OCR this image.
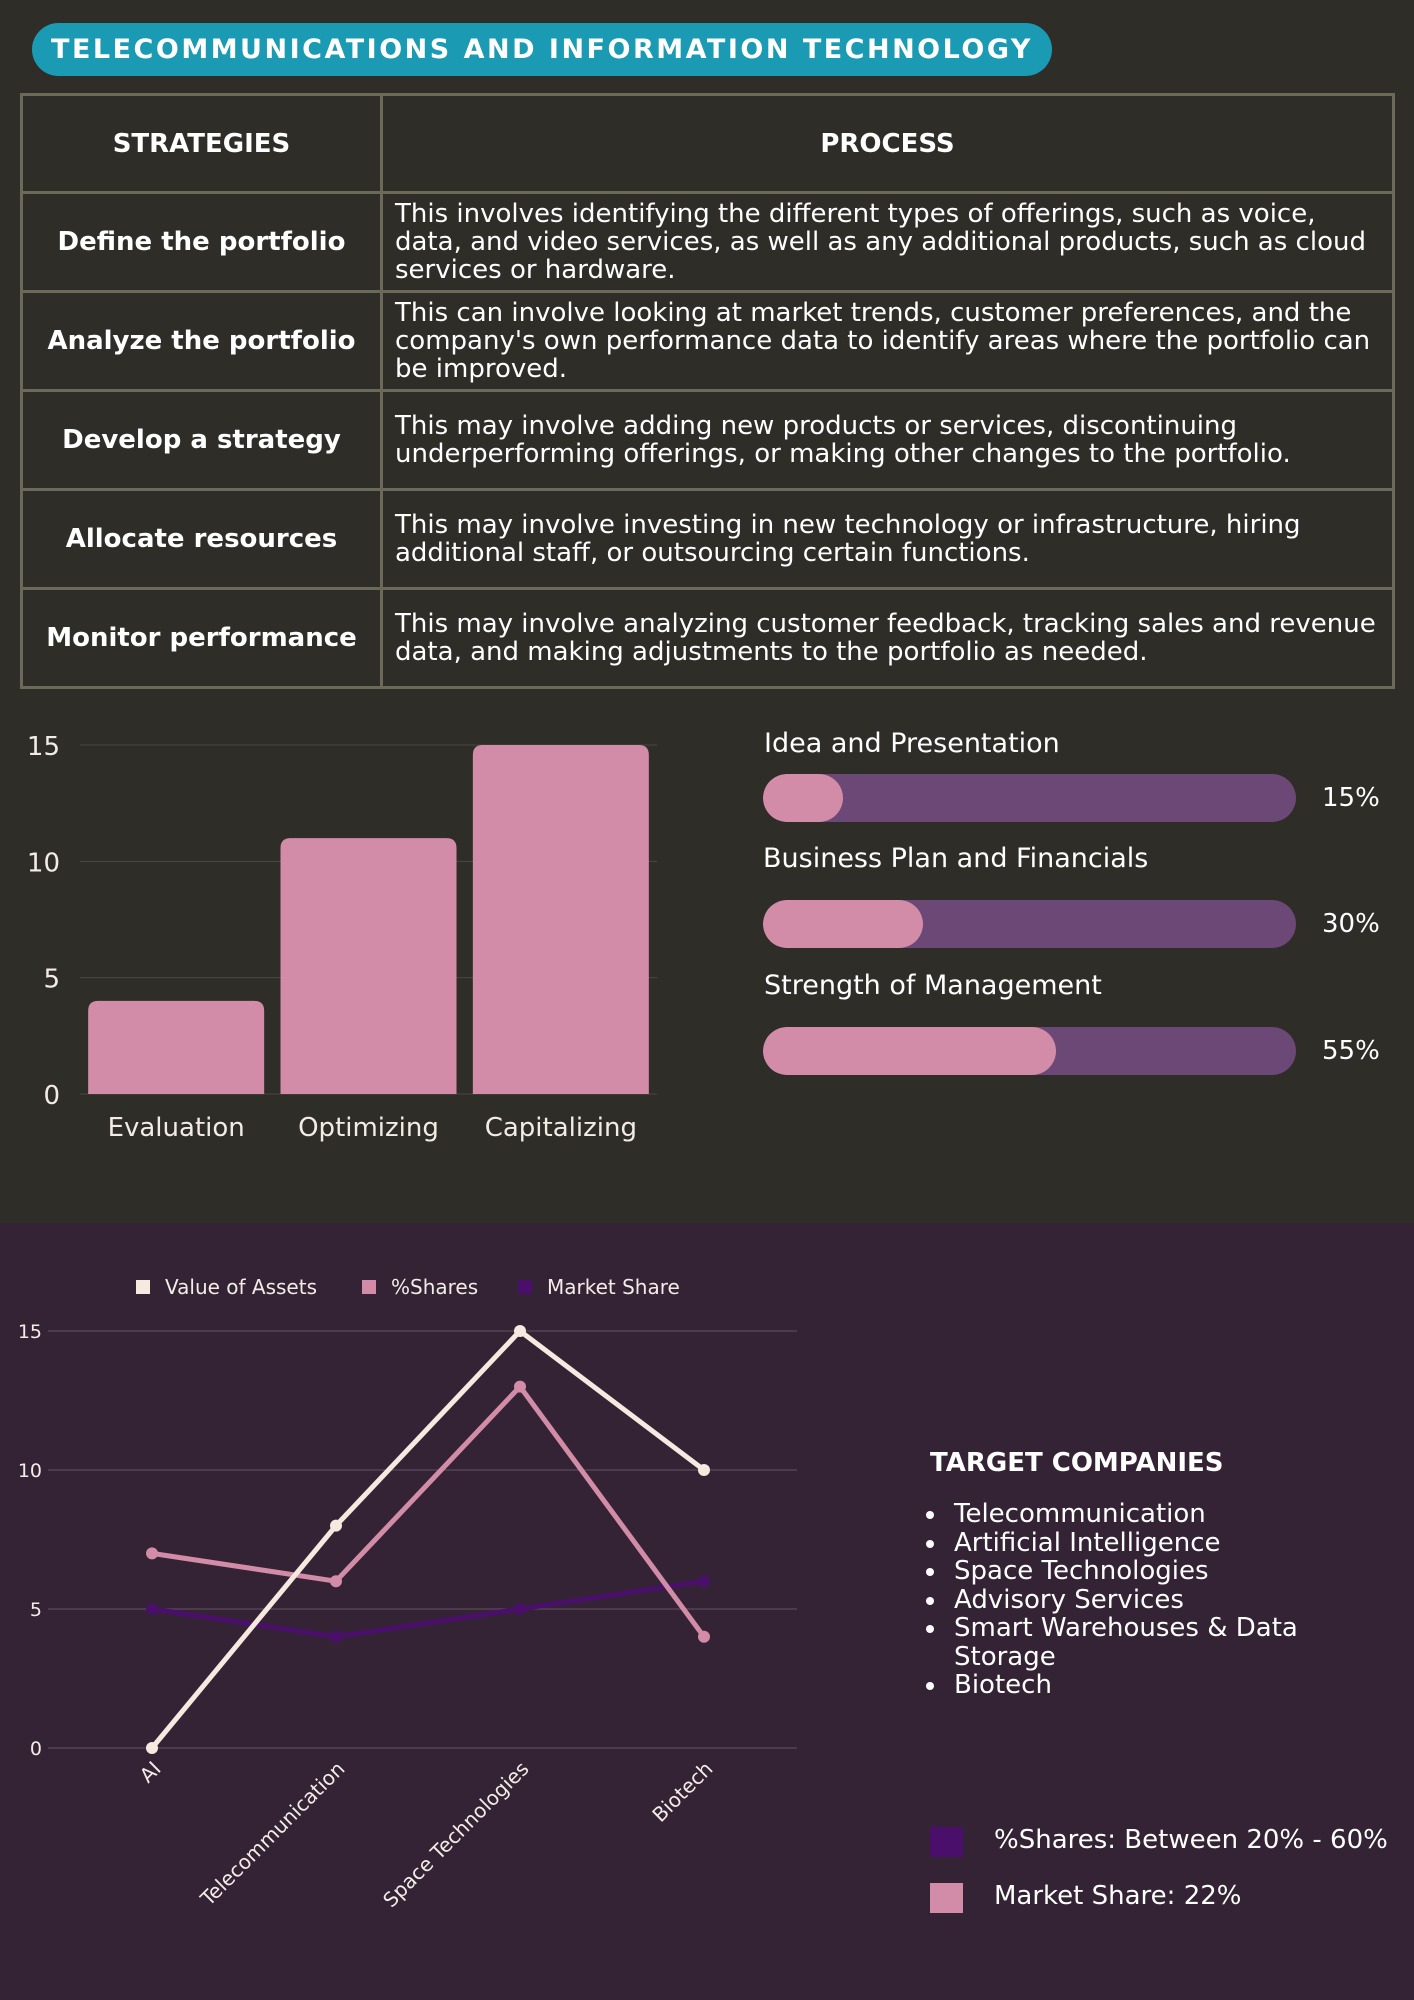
TELECOMMUNICATIONS AND INFORMATION TECHNOLOGY
STRATEGIES	PROCESS
Define the portfolio	This involves identifying the different types of offerings, such as voice, data, and video services, as well as any additional products, such as cloud services or hardware.
Analyze the portfolio	This can involve looking at market trends, customer preferences, and the company's own performance data to identify areas where the portfolio can be improved.
Develop a strategy	This may involve adding new products or services, discontinuing underperforming offerings, or making other changes to the portfolio.
Allocate resources	This may involve investing in new technology or infrastructure, hiring additional staff, or outsourcing certain functions.
Monitor performance	This may involve analyzing customer feedback, tracking sales and revenue data, and making adjustments to the portfolio as needed.
0
5
10
15
Evaluation Optimizing Capitalizing
Idea and Presentation
15%
Business Plan and Financials
30%
Strength of Management
55%
0
5
10
15
AI Telecommunication Space Technologies	Biotech
Value of Assets	%Shares	Market Share
TARGET COMPANIES
• Telecommunication
• Artificial Intelligence
• Space Technologies
• Advisory Services
• Smart Warehouses & Data Storage
• Biotech
%Shares: Between 20% - 60%
Market Share: 22%
